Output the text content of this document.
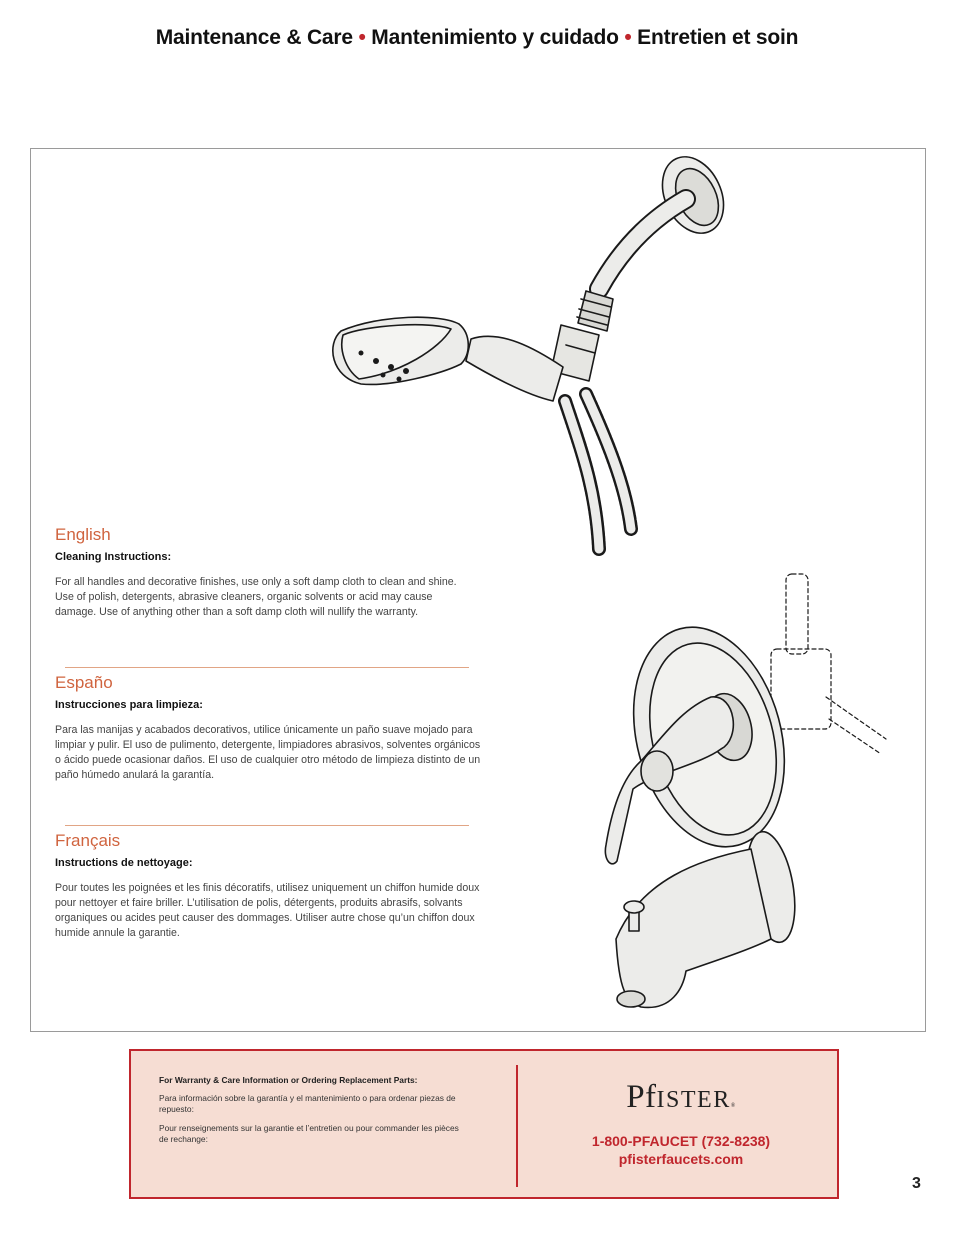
Maintenance & Care • Mantenimiento y cuidado • Entretien et soin
English

Cleaning Instructions:

For all handles and decorative finishes, use only a soft damp cloth to clean and shine. Use of polish, detergents, abrasive cleaners, organic solvents or acid may cause damage. Use of anything other than a soft damp cloth will nullify the warranty.

Españo

Instrucciones para limpieza:

Para las manijas y acabados decorativos, utilice únicamente un paño suave mojado para limpiar y pulir. El uso de pulimento, detergente, limpiadores abrasivos, solventes orgánicos o ácido puede ocasionar daños. El uso de cualquier otro método de limpieza distinto de un paño húmedo anulará la garantía.

Français

Instructions de nettoyage:

Pour toutes les poignées et les finis décoratifs, utilisez uniquement un chiffon humide doux pour nettoyer et faire briller. L’utilisation de polis, détergents, produits abrasifs, solvants organiques ou acides peut causer des dommages. Utiliser autre chose qu’un chiffon doux humide annule la garantie.

For Warranty & Care Information or Ordering Replacement Parts:

Para información sobre la garantía y el mantenimiento o para ordenar piezas de repuesto:

Pour renseignements sur la garantie et l’entretien ou pour commander les pièces de rechange:

PfISTER®
1-800-PFAUCET (732-8238)
pfisterfaucets.com
3
